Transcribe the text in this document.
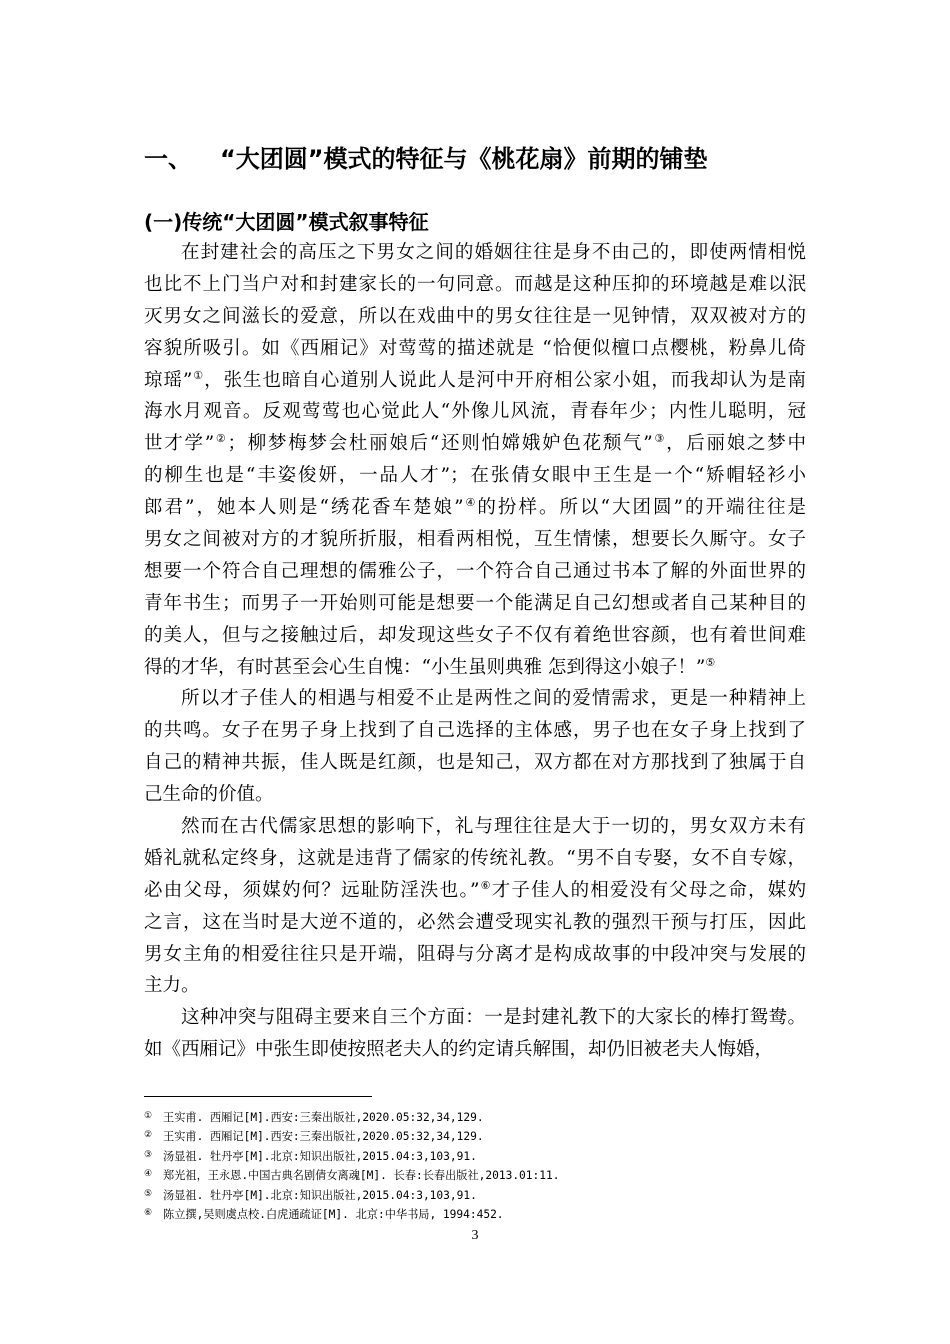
一、 “大团圆”模式的特征与《桃花扇》前期的铺垫
(一)传统“大团圆”模式叙事特征
在封建社会的高压之下男女之间的婚姻往往是身不由己的，即使两情相悦
也比不上门当户对和封建家长的一句同意。而越是这种压抑的环境越是难以泯
灭男女之间滋长的爱意，所以在戏曲中的男女往往是一见钟情，双双被对方的
容貌所吸引。如《西厢记》对莺莺的描述就是 “恰便似檀口点樱桃，粉鼻儿倚
琼瑶”①，张生也暗自心道别人说此人是河中开府相公家小姐，而我却认为是南
海水月观音。反观莺莺也心觉此人“外像儿风流，青春年少；内性儿聪明，冠
世才学”②；柳梦梅梦会杜丽娘后“还则怕嫦娥妒色花颓气”③，后丽娘之梦中
的柳生也是“丰姿俊妍，一品人才”；在张倩女眼中王生是一个“矫帽轻衫小
郎君”，她本人则是“绣花香车楚娘”④的扮样。所以“大团圆”的开端往往是
男女之间被对方的才貌所折服，相看两相悦，互生情愫，想要长久厮守。女子
想要一个符合自己理想的儒雅公子，一个符合自己通过书本了解的外面世界的
青年书生；而男子一开始则可能是想要一个能满足自己幻想或者自己某种目的
的美人，但与之接触过后，却发现这些女子不仅有着绝世容颜，也有着世间难
得的才华，有时甚至会心生自愧：“小生虽则典雅 怎到得这小娘子！”⑤
所以才子佳人的相遇与相爱不止是两性之间的爱情需求，更是一种精神上
的共鸣。女子在男子身上找到了自己选择的主体感，男子也在女子身上找到了
自己的精神共振，佳人既是红颜，也是知己，双方都在对方那找到了独属于自
己生命的价值。
然而在古代儒家思想的影响下，礼与理往往是大于一切的，男女双方未有
婚礼就私定终身，这就是违背了儒家的传统礼教。“男不自专娶，女不自专嫁，
必由父母，须媒妁何？远耻防淫泆也。”⑥才子佳人的相爱没有父母之命，媒妁
之言，这在当时是大逆不道的，必然会遭受现实礼教的强烈干预与打压，因此
男女主角的相爱往往只是开端，阻碍与分离才是构成故事的中段冲突与发展的
主力。
这种冲突与阻碍主要来自三个方面：一是封建礼教下的大家长的棒打鸳鸯。
如《西厢记》中张生即使按照老夫人的约定请兵解围，却仍旧被老夫人悔婚，
① 王实甫. 西厢记[M].西安:三秦出版社,2020.05:32,34,129.
② 王实甫. 西厢记[M].西安:三秦出版社,2020.05:32,34,129.
③ 汤显祖. 牡丹亭[M].北京:知识出版社,2015.04:3,103,91.
④ 郑光祖，王永恩.中国古典名剧倩女离魂[M]. 长春:长春出版社,2013.01:11.
⑤ 汤显祖. 牡丹亭[M].北京:知识出版社,2015.04:3,103,91.
⑥ 陈立撰,吴则虞点校.白虎通疏证[M]. 北京:中华书局, 1994:452.
3
